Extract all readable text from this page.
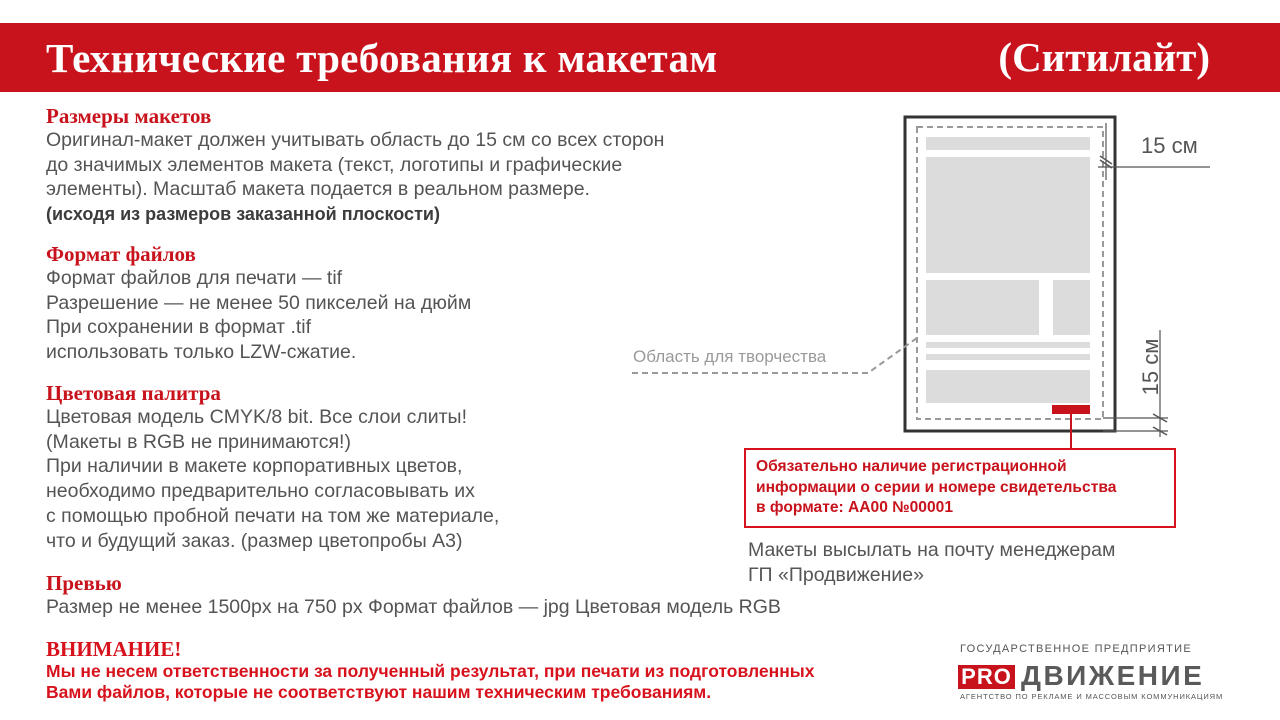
Технические требования к макетам	(Ситилайт)
Размеры макетов
Оригинал-макет должен учитывать область до 15 см со всех сторон
до значимых элементов макета (текст, логотипы и графические
элементы). Масштаб макета подается в реальном размере.
(исходя из размеров заказанной плоскости)
Формат файлов
Формат файлов для печати — tif
Разрешение — не менее 50 пикселей на дюйм
При сохранении в формат .tif
использовать только LZW-сжатие.
Цветовая палитра
Цветовая модель CMYK/8 bit. Все слои слиты!
(Макеты в RGB не принимаются!)
При наличии в макете корпоративных цветов,
необходимо предварительно согласовывать их
с помощью пробной печати на том же материале,
что и будущий заказ. (размер цветопробы А3)
Превью
Размер не менее 1500px на 750 px Формат файлов — jpg Цветовая модель RGB
ВНИМАНИЕ!
Мы не несем ответственности за полученный результат, при печати из подготовленных
Вами файлов, которые не соответствуют нашим техническим требованиям.
Область для творчества
15 см
15 см
Обязательно наличие регистрационной
информации о серии и номере свидетельства
в формате: АА00 №00001
Макеты высылать на почту менеджерам
ГП «Продвижение»
ГОСУДАРСТВЕННОЕ ПРЕДПРИЯТИЕ
PRO ДВИЖЕНИЕ
АГЕНТСТВО ПО РЕКЛАМЕ И МАССОВЫМ КОММУНИКАЦИЯМ
